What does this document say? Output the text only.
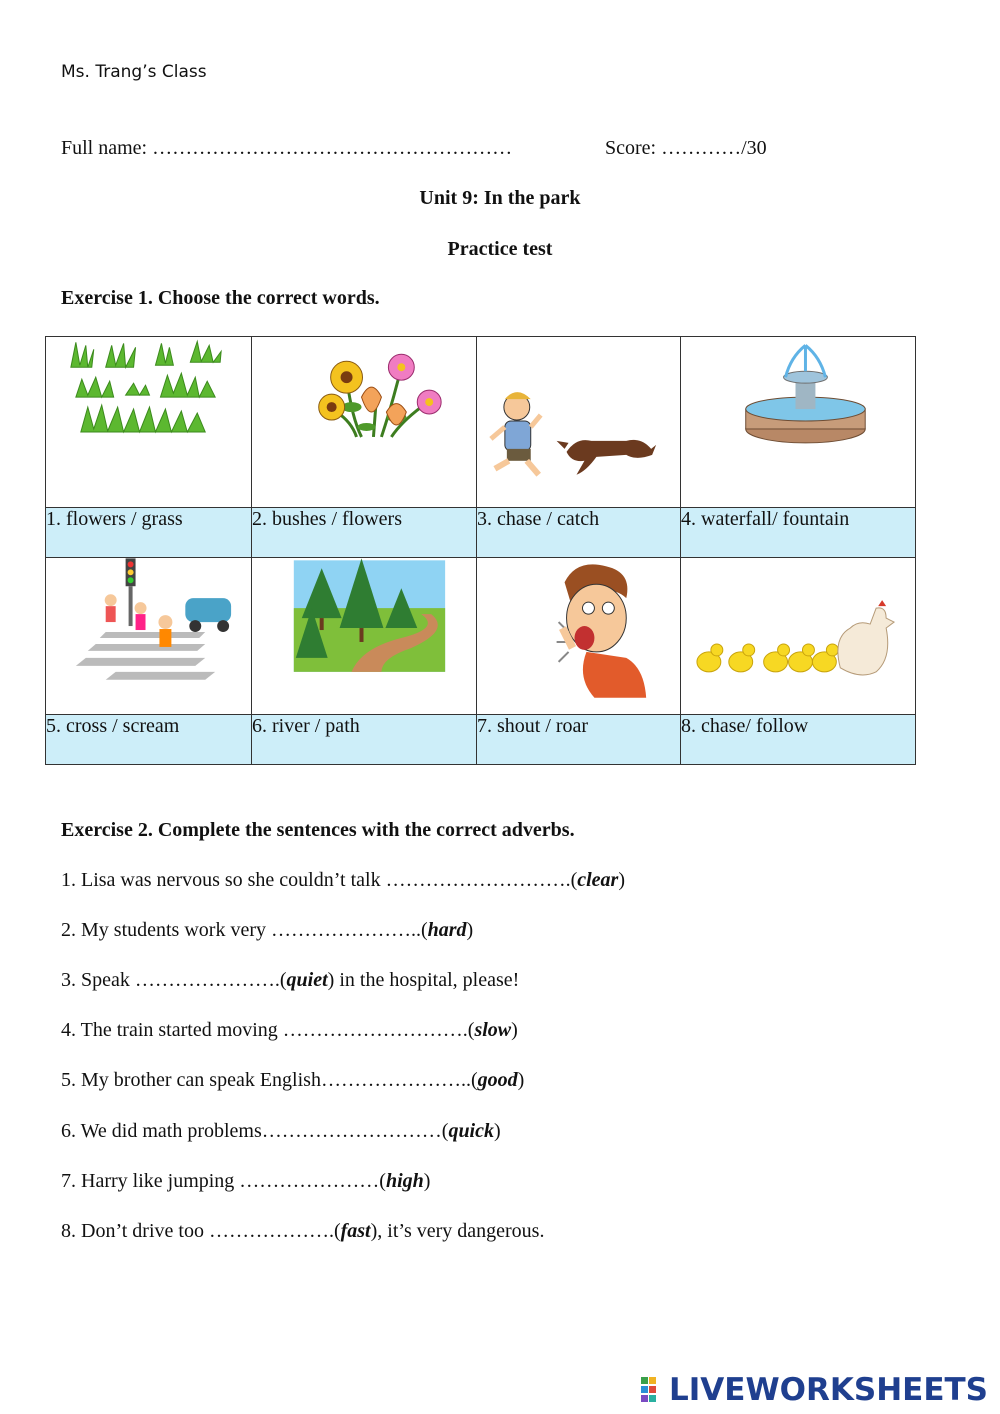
Ms. Trang’s Class
Full name: ………………………………………………	Score: …………/30
Unit 9: In the park
Practice test
Exercise 1. Choose the correct words.

1. flowers / grass	2. bushes / flowers	3. chase / catch	4. waterfall/ fountain

5. cross / scream	6. river / path	7. shout / roar	8. chase/ follow
Exercise 2. Complete the sentences with the correct adverbs.
1. Lisa was nervous so she couldn’t talk ……………………….(clear)
2. My students work very …………………..(hard)
3. Speak ………………….(quiet) in the hospital, please!
4. The train started moving ……………………….(slow)
5. My brother can speak English…………………..(good)
6. We did math problems………………………(quick)
7. Harry like jumping …………………(high)
8. Don’t drive too ……………….(fast), it’s very dangerous.
LIVEWORKSHEETS
